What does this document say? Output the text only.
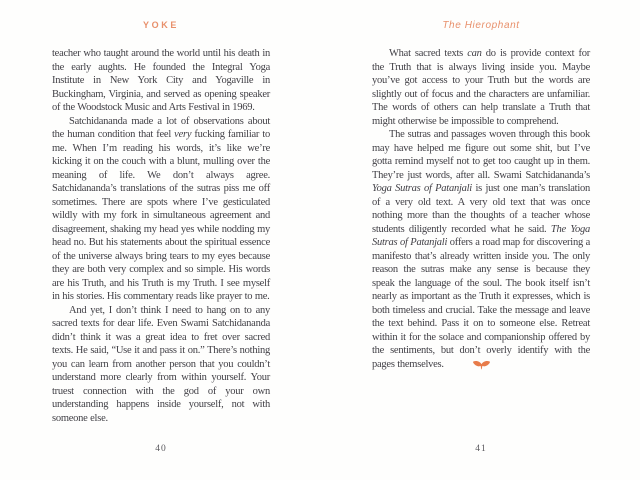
YOKE

teacher who taught around the world until his death in the early aughts. He founded the Integral Yoga Institute in New York City and Yogaville in Buckingham, Virginia, and served as opening speaker of the Woodstock Music and Arts Festival in 1969.

Satchidananda made a lot of observations about the human condition that feel very fucking familiar to me. When I’m reading his words, it’s like we’re kicking it on the couch with a blunt, mulling over the meaning of life. We don’t always agree. Satchidananda’s translations of the sutras piss me off sometimes. There are spots where I’ve gesticulated wildly with my fork in simultaneous agreement and disagreement, shaking my head yes while nodding my head no. But his statements about the spiritual essence of the universe always bring tears to my eyes because they are both very complex and so simple. His words are his Truth, and his Truth is my Truth. I see myself in his stories. His commentary reads like prayer to me.

And yet, I don’t think I need to hang on to any sacred texts for dear life. Even Swami Satchidananda didn’t think it was a great idea to fret over sacred texts. He said, “Use it and pass it on.” There’s nothing you can learn from another person that you couldn’t understand more clearly from within yourself. Your truest connection with the god of your own understanding happens inside yourself, not with someone else.

40
The Hierophant

What sacred texts can do is provide context for the Truth that is always living inside you. Maybe you’ve got access to your Truth but the words are slightly out of focus and the characters are unfamiliar. The words of others can help translate a Truth that might otherwise be impossible to comprehend.

The sutras and passages woven through this book may have helped me figure out some shit, but I’ve gotta remind myself not to get too caught up in them. They’re just words, after all. Swami Satchidananda’s Yoga Sutras of Patanjali is just one man’s translation of a very old text. A very old text that was once nothing more than the thoughts of a teacher whose students diligently recorded what he said. The Yoga Sutras of Patanjali offers a road map for discovering a manifesto that’s already written inside you. The only reason the sutras make any sense is because they speak the language of the soul. The book itself isn’t nearly as important as the Truth it expresses, which is both timeless and crucial. Take the message and leave the text behind. Pass it on to someone else. Retreat within it for the solace and companionship offered by the sentiments, but don’t overly identify with the pages themselves.

41
